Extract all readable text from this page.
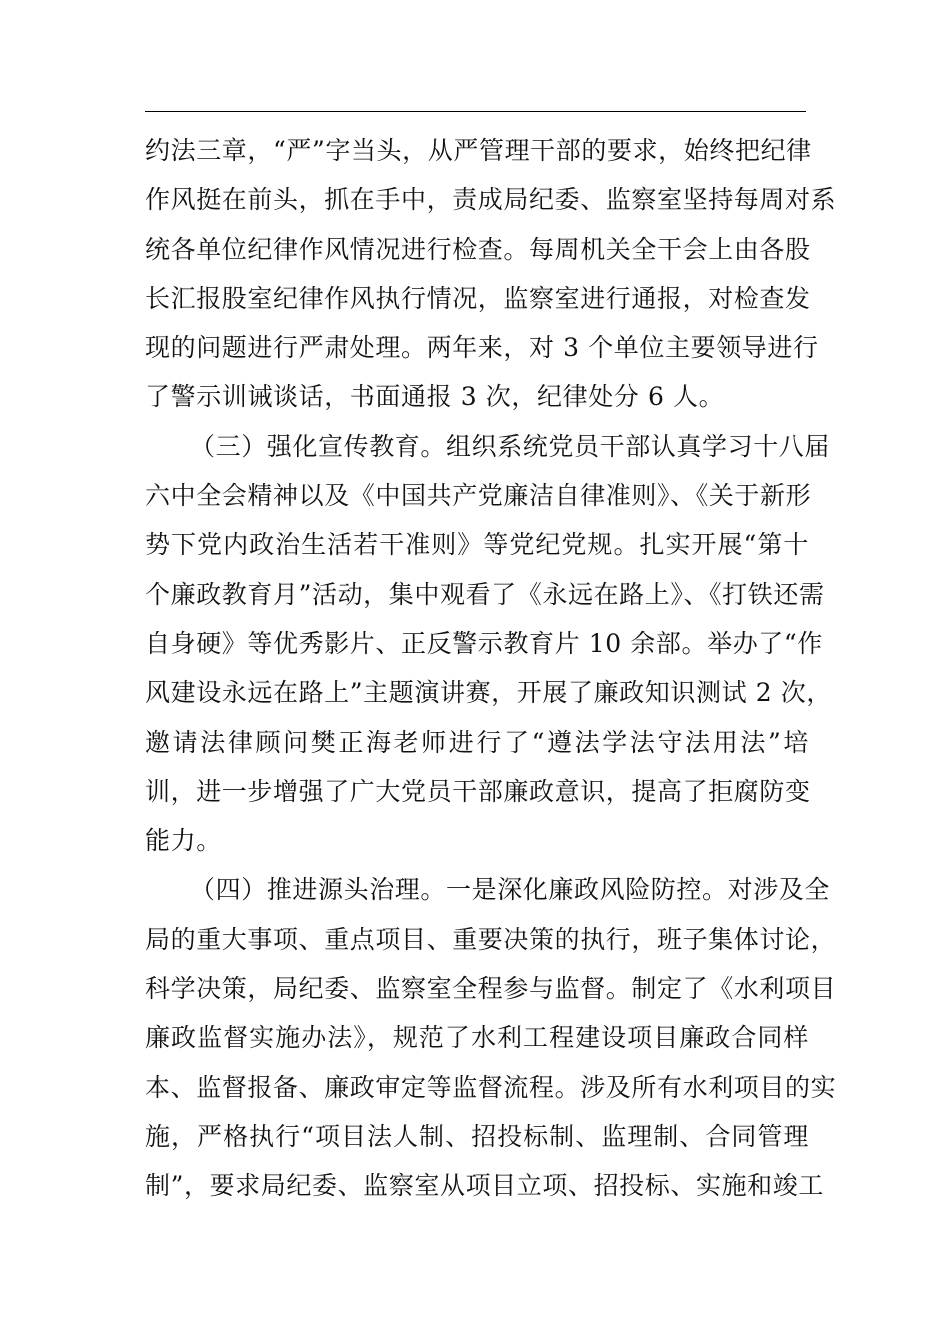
约法三章，“严”字当头，从严管理干部的要求，始终把纪律
作风挺在前头，抓在手中，责成局纪委、监察室坚持每周对系
统各单位纪律作风情况进行检查。每周机关全干会上由各股
长汇报股室纪律作风执行情况，监察室进行通报，对检查发
现的问题进行严肃处理。两年来，对 3 个单位主要领导进行
了警示训诫谈话，书面通报 3 次，纪律处分 6 人。
（三）强化宣传教育。组织系统党员干部认真学习十八届
六中全会精神以及《中国共产党廉洁自律准则》、《关于新形
势下党内政治生活若干准则》等党纪党规。扎实开展“第十
个廉政教育月”活动，集中观看了《永远在路上》、《打铁还需
自身硬》等优秀影片、正反警示教育片 10 余部。举办了“作
风建设永远在路上”主题演讲赛，开展了廉政知识测试 2 次，
邀请法律顾问樊正海老师进行了“遵法学法守法用法”培
训，进一步增强了广大党员干部廉政意识，提高了拒腐防变
能力。
（四）推进源头治理。一是深化廉政风险防控。对涉及全
局的重大事项、重点项目、重要决策的执行，班子集体讨论，
科学决策，局纪委、监察室全程参与监督。制定了《水利项目
廉政监督实施办法》，规范了水利工程建设项目廉政合同样
本、监督报备、廉政审定等监督流程。涉及所有水利项目的实
施，严格执行“项目法人制、招投标制、监理制、合同管理
制”，要求局纪委、监察室从项目立项、招投标、实施和竣工
